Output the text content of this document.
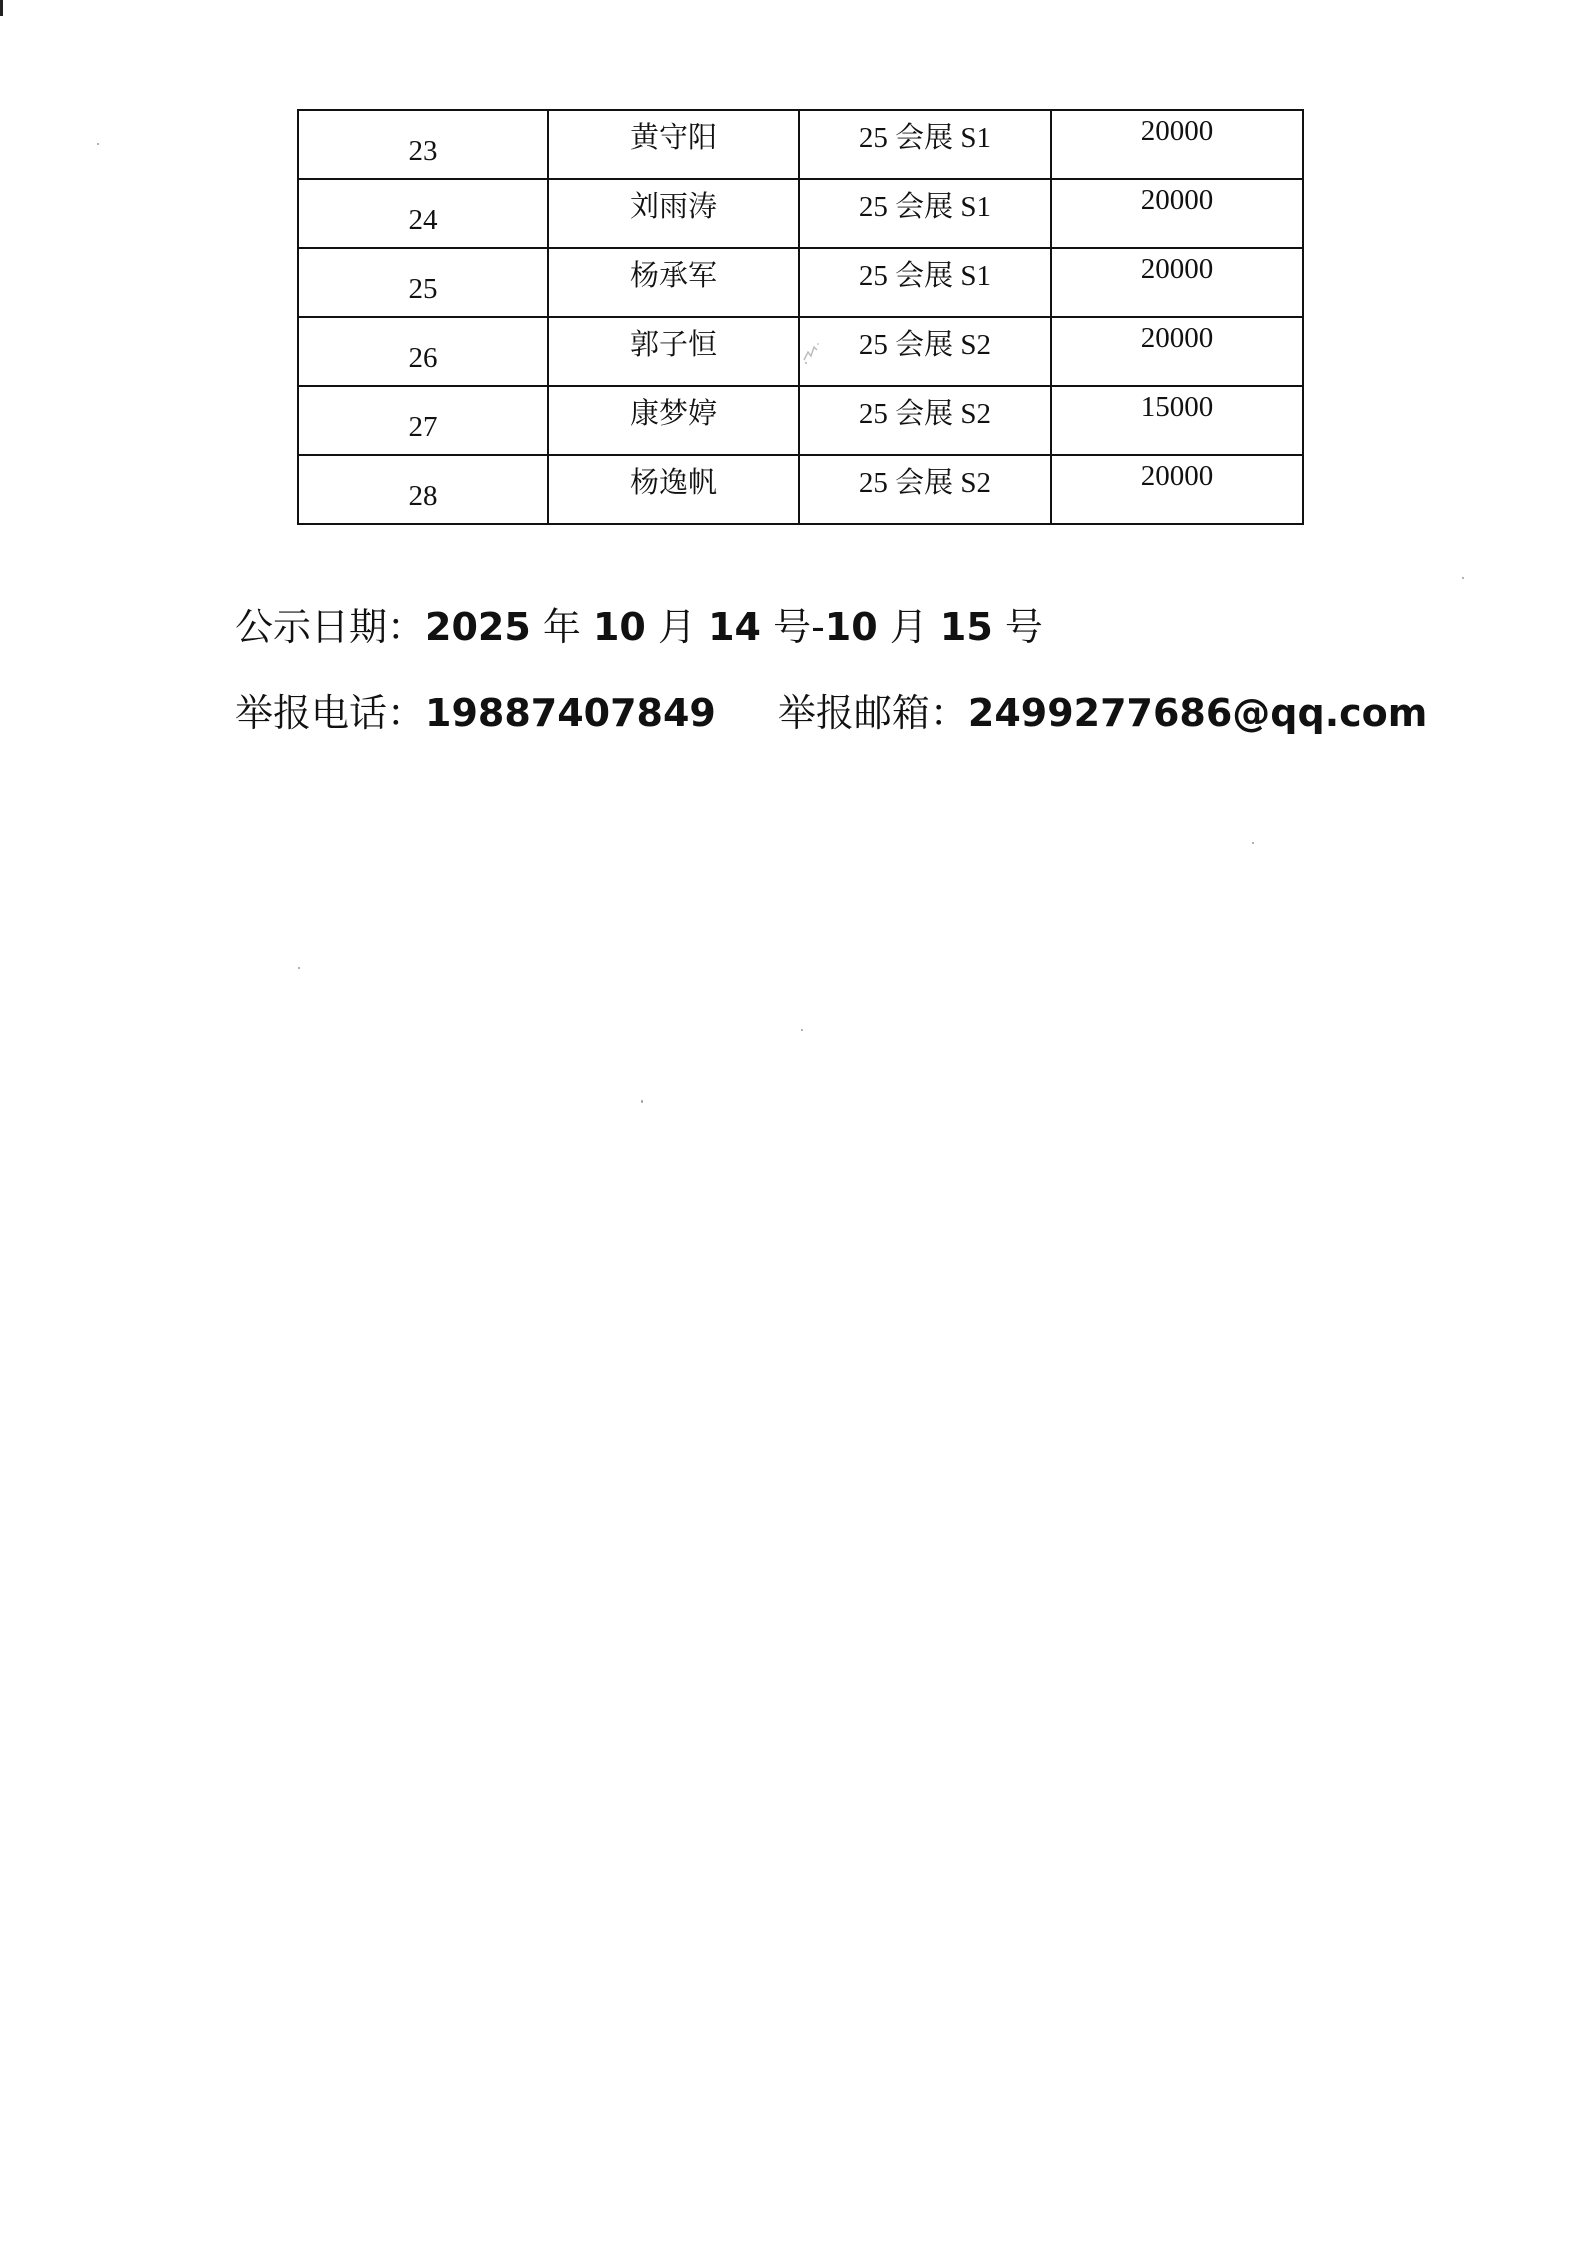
23	黄守阳	25 会展 S1	20000
24	刘雨涛	25 会展 S1	20000
25	杨承军	25 会展 S1	20000
26	郭子恒	25 会展 S2	20000
27	康梦婷	25 会展 S2	15000
28	杨逸帆	25 会展 S2	20000
公示日期：2025 年 10 月 14 号-10 月 15 号
举报电话：19887407849 举报邮箱：2499277686@qq.com
